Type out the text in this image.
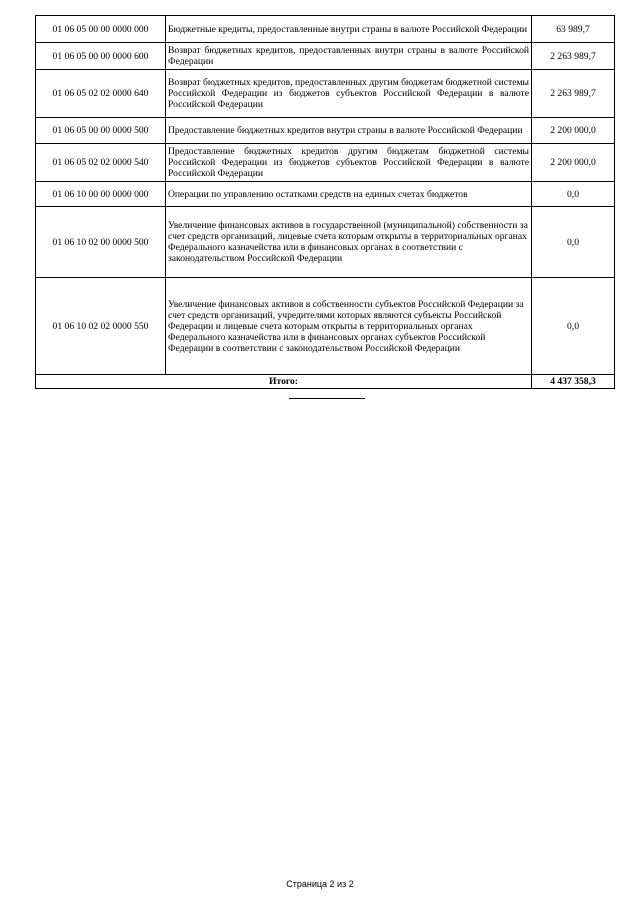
01 06 05 00 00 0000 000	Бюджетные кредиты, предоставленные внутри страны в валюте Российской Федерации	63 989,7
01 06 05 00 00 0000 600	Возврат бюджетных кредитов, предоставленных внутри страны в валюте Российской Федерации	2 263 989,7
01 06 05 02 02 0000 640	Возврат бюджетных кредитов, предоставленных другим бюджетам бюджетной системы Российской Федерации из бюджетов субъектов Российской Федерации в валюте Российской Федерации	2 263 989,7
01 06 05 00 00 0000 500	Предоставление бюджетных кредитов внутри страны в валюте Российской Федерации	2 200 000,0
01 06 05 02 02 0000 540	Предоставление бюджетных кредитов другим бюджетам бюджетной системы Российской Федерации из бюджетов субъектов Российской Федерации в валюте Российской Федерации	2 200 000,0
01 06 10 00 00 0000 000	Операции по управлению остатками средств на единых счетах бюджетов	0,0
01 06 10 02 00 0000 500	Увеличение финансовых активов в государственной (муниципальной) собственности за счет средств организаций, лицевые счета которым открыты в территориальных органах Федерального казначейства или в финансовых органах в соответствии с законодательством Российской Федерации	0,0
01 06 10 02 02 0000 550	Увеличение финансовых активов в собственности субъектов Российской Федерации за счет средств организаций, учредителями которых являются субъекты Российской Федерации и лицевые счета которым открыты в территориальных органах Федерального казначейства или в финансовых органах субъектов Российской Федерации в соответствии с законодательством Российской Федерации	0,0
Итого:		4 437 358,3
Страница 2 из 2
